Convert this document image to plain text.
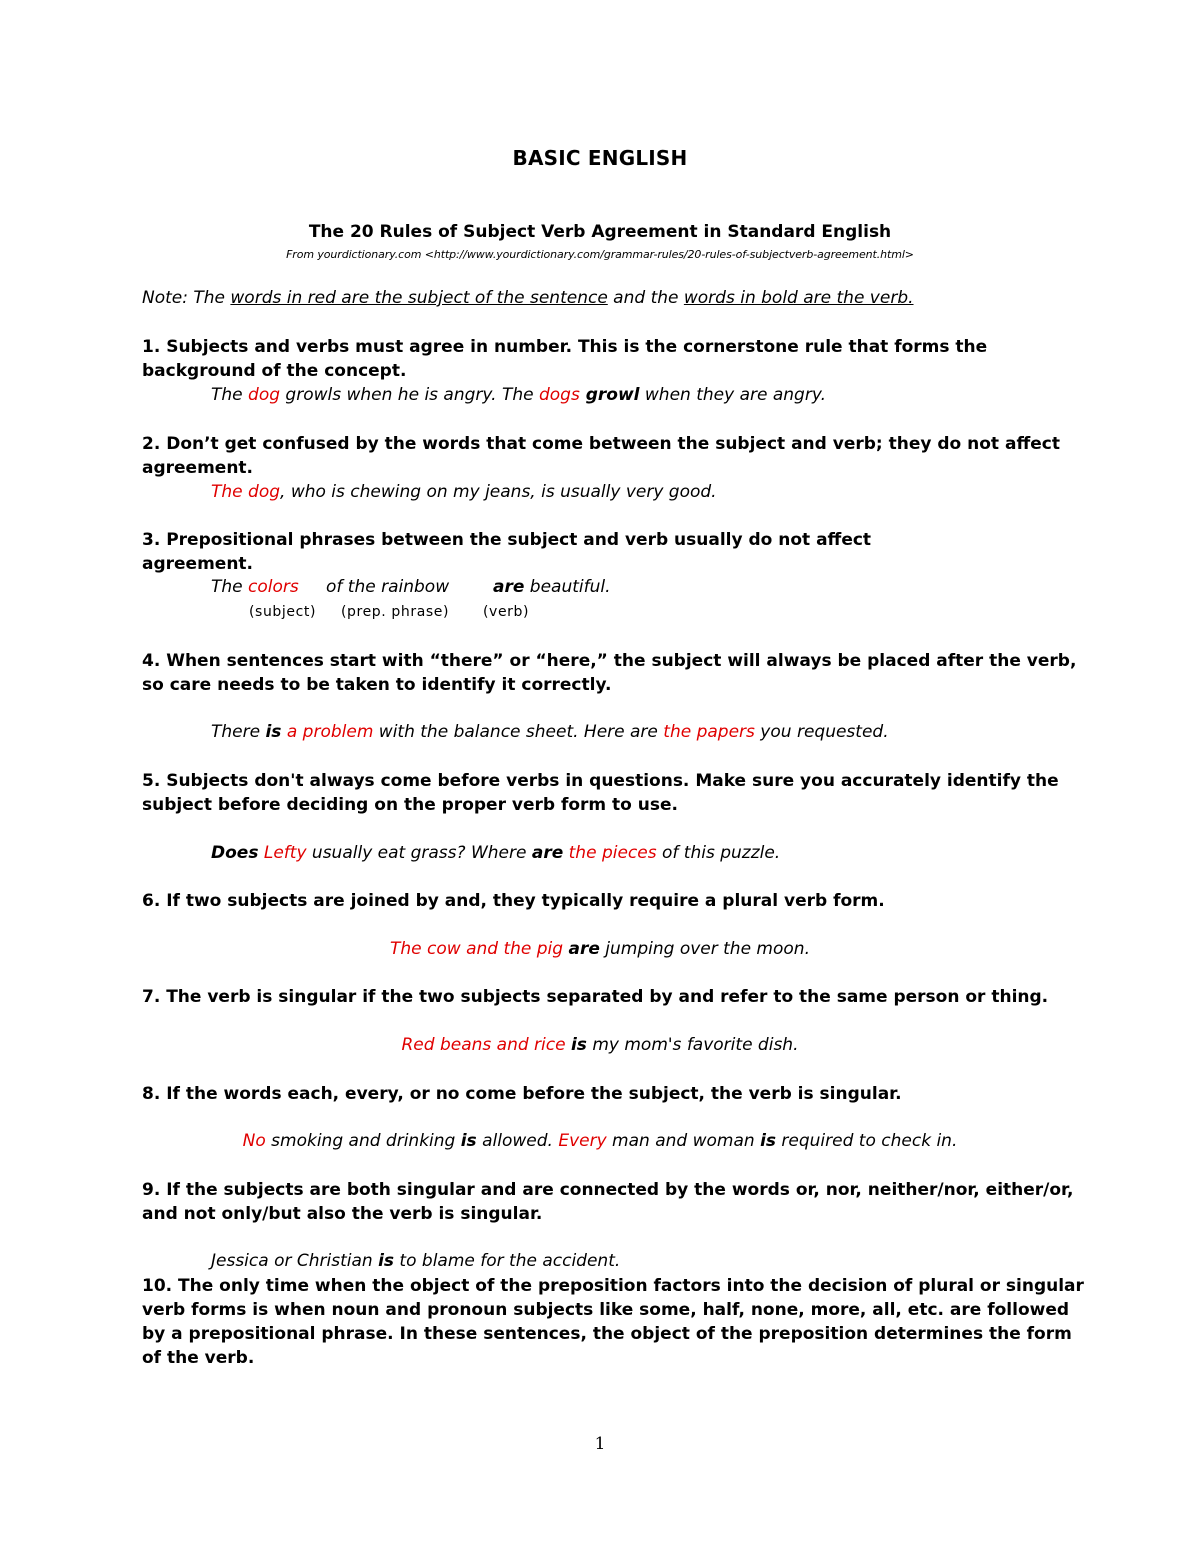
BASIC ENGLISH
The 20 Rules of Subject Verb Agreement in Standard English
From yourdictionary.com <http://www.yourdictionary.com/grammar-rules/20-rules-of-subjectverb-agreement.html>
Note: The words in red are the subject of the sentence and the words in bold are the verb.
1. Subjects and verbs must agree in number. This is the cornerstone rule that forms the
background of the concept.
The dog growls when he is angry. The dogs growl when they are angry.
2. Don’t get confused by the words that come between the subject and verb; they do not affect
agreement.
The dog, who is chewing on my jeans, is usually very good.
3. Prepositional phrases between the subject and verb usually do not affect
agreement.
The colors of the rainbow	are beautiful.
(subject) (prep. phrase) (verb)
4. When sentences start with “there” or “here,” the subject will always be placed after the verb,
so care needs to be taken to identify it correctly.
There is a problem with the balance sheet. Here are the papers you requested.
5. Subjects don't always come before verbs in questions. Make sure you accurately identify the
subject before deciding on the proper verb form to use.
Does Lefty usually eat grass? Where are the pieces of this puzzle.
6. If two subjects are joined by and, they typically require a plural verb form.
The cow and the pig are jumping over the moon.
7. The verb is singular if the two subjects separated by and refer to the same person or thing.
Red beans and rice is my mom's favorite dish.
8. If the words each, every, or no come before the subject, the verb is singular.
No smoking and drinking is allowed. Every man and woman is required to check in.
9. If the subjects are both singular and are connected by the words or, nor, neither/nor, either/or,
and not only/but also the verb is singular.
Jessica or Christian is to blame for the accident.
10. The only time when the object of the preposition factors into the decision of plural or singular
verb forms is when noun and pronoun subjects like some, half, none, more, all, etc. are followed
by a prepositional phrase. In these sentences, the object of the preposition determines the form
of the verb.
1
